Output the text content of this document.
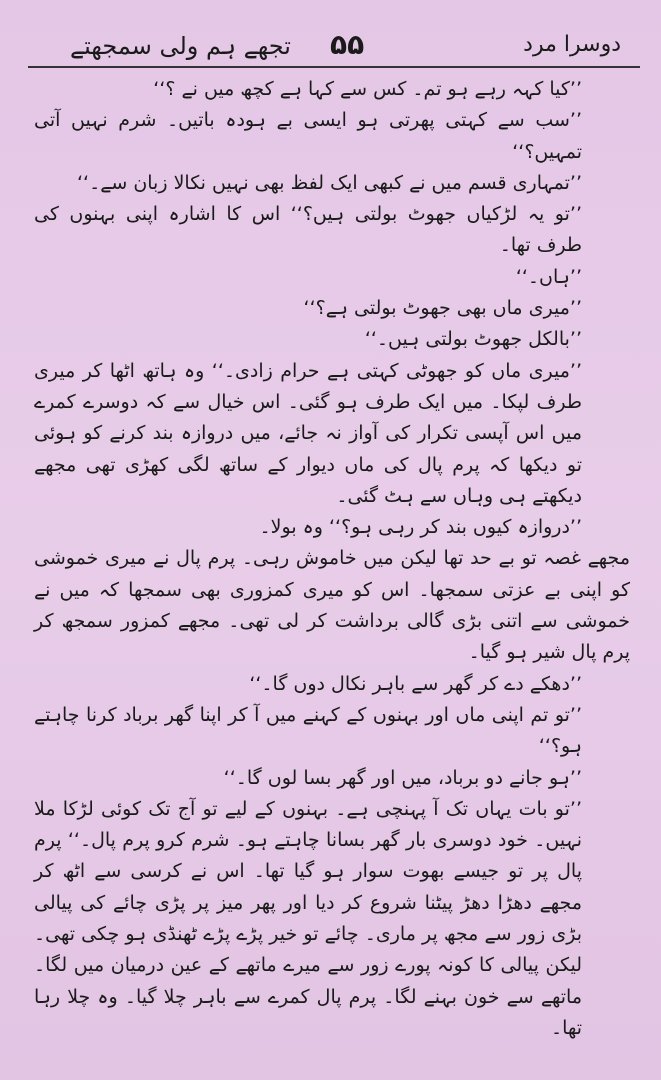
دوسرا مرد
۵۵
تجھے ہم ولی سمجھتے

’’کیا کہہ رہے ہو تم۔ کس سے کہا ہے کچھ میں نے ؟‘‘

’’سب سے کہتی پھرتی ہو ایسی بے ہودہ باتیں۔ شرم نہیں آتی تمہیں؟‘‘

’’تمہاری قسم میں نے کبھی ایک لفظ بھی نہیں نکالا زبان سے۔‘‘

’’تو یہ لڑکیاں جھوٹ بولتی ہیں؟‘‘ اس کا اشارہ اپنی بہنوں کی طرف تھا۔

’’ہاں۔‘‘

’’میری ماں بھی جھوٹ بولتی ہے؟‘‘

’’بالکل جھوٹ بولتی ہیں۔‘‘

’’میری ماں کو جھوٹی کہتی ہے حرام زادی۔‘‘ وہ ہاتھ اٹھا کر میری طرف لپکا۔ میں ایک طرف ہو گئی۔ اس خیال سے کہ دوسرے کمرے میں اس آپسی تکرار کی آواز نہ جائے، میں دروازہ بند کرنے کو ہوئی تو دیکھا کہ پرم پال کی ماں دیوار کے ساتھ لگی کھڑی تھی مجھے دیکھتے ہی وہاں سے ہٹ گئی۔

’’دروازہ کیوں بند کر رہی ہو؟‘‘ وہ بولا۔

مجھے غصہ تو بے حد تھا لیکن میں خاموش رہی۔ پرم پال نے میری خموشی کو اپنی بے عزتی سمجھا۔ اس کو میری کمزوری بھی سمجھا کہ میں نے خموشی سے اتنی بڑی گالی برداشت کر لی تھی۔ مجھے کمزور سمجھ کر پرم پال شیر ہو گیا۔

’’دھکے دے کر گھر سے باہر نکال دوں گا۔‘‘

’’تو تم اپنی ماں اور بہنوں کے کہنے میں آ کر اپنا گھر برباد کرنا چاہتے ہو؟‘‘

’’ہو جانے دو برباد، میں اور گھر بسا لوں گا۔‘‘

’’تو بات یہاں تک آ پہنچی ہے۔ بہنوں کے لیے تو آج تک کوئی لڑکا ملا نہیں۔ خود دوسری بار گھر بسانا چاہتے ہو۔ شرم کرو پرم پال۔‘‘ پرم پال پر تو جیسے بھوت سوار ہو گیا تھا۔ اس نے کرسی سے اٹھ کر مجھے دھڑا دھڑ پیٹنا شروع کر دیا اور پھر میز پر پڑی چائے کی پیالی بڑی زور سے مجھ پر ماری۔ چائے تو خیر پڑے پڑے ٹھنڈی ہو چکی تھی۔ لیکن پیالی کا کونہ پورے زور سے میرے ماتھے کے عین درمیان میں لگا۔ ماتھے سے خون بہنے لگا۔ پرم پال کمرے سے باہر چلا گیا۔ وہ چلا رہا تھا۔
